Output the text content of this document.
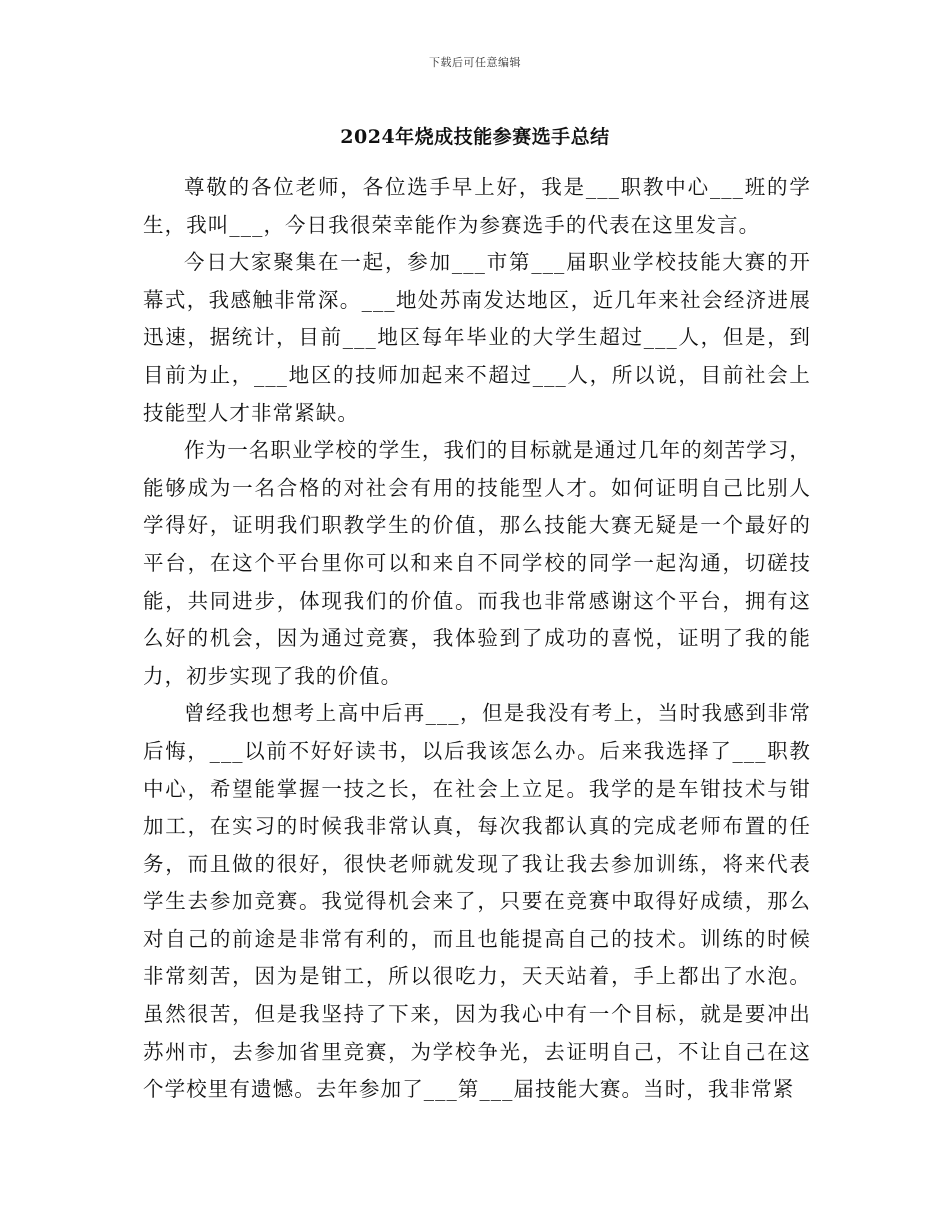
下载后可任意编辑
2024年烧成技能参赛选手总结

尊敬的各位老师，各位选手早上好，我是___职教中心___班的学生，我叫___，今日我很荣幸能作为参赛选手的代表在这里发言。

今日大家聚集在一起，参加___市第___届职业学校技能大赛的开幕式，我感触非常深。___地处苏南发达地区，近几年来社会经济进展迅速，据统计，目前___地区每年毕业的大学生超过___人，但是，到目前为止，___地区的技师加起来不超过___人，所以说，目前社会上技能型人才非常紧缺。

作为一名职业学校的学生，我们的目标就是通过几年的刻苦学习，能够成为一名合格的对社会有用的技能型人才。如何证明自己比别人学得好，证明我们职教学生的价值，那么技能大赛无疑是一个最好的平台，在这个平台里你可以和来自不同学校的同学一起沟通，切磋技能，共同进步，体现我们的价值。而我也非常感谢这个平台，拥有这么好的机会，因为通过竞赛，我体验到了成功的喜悦，证明了我的能力，初步实现了我的价值。

曾经我也想考上高中后再___，但是我没有考上，当时我感到非常后悔，___以前不好好读书，以后我该怎么办。后来我选择了___职教中心，希望能掌握一技之长，在社会上立足。我学的是车钳技术与钳加工，在实习的时候我非常认真，每次我都认真的完成老师布置的任务，而且做的很好，很快老师就发现了我让我去参加训练，将来代表学生去参加竞赛。我觉得机会来了，只要在竞赛中取得好成绩，那么对自己的前途是非常有利的，而且也能提高自己的技术。训练的时候非常刻苦，因为是钳工，所以很吃力，天天站着，手上都出了水泡。虽然很苦，但是我坚持了下来，因为我心中有一个目标，就是要冲出苏州市，去参加省里竞赛，为学校争光，去证明自己，不让自己在这个学校里有遗憾。去年参加了___第___届技能大赛。当时，我非常紧
